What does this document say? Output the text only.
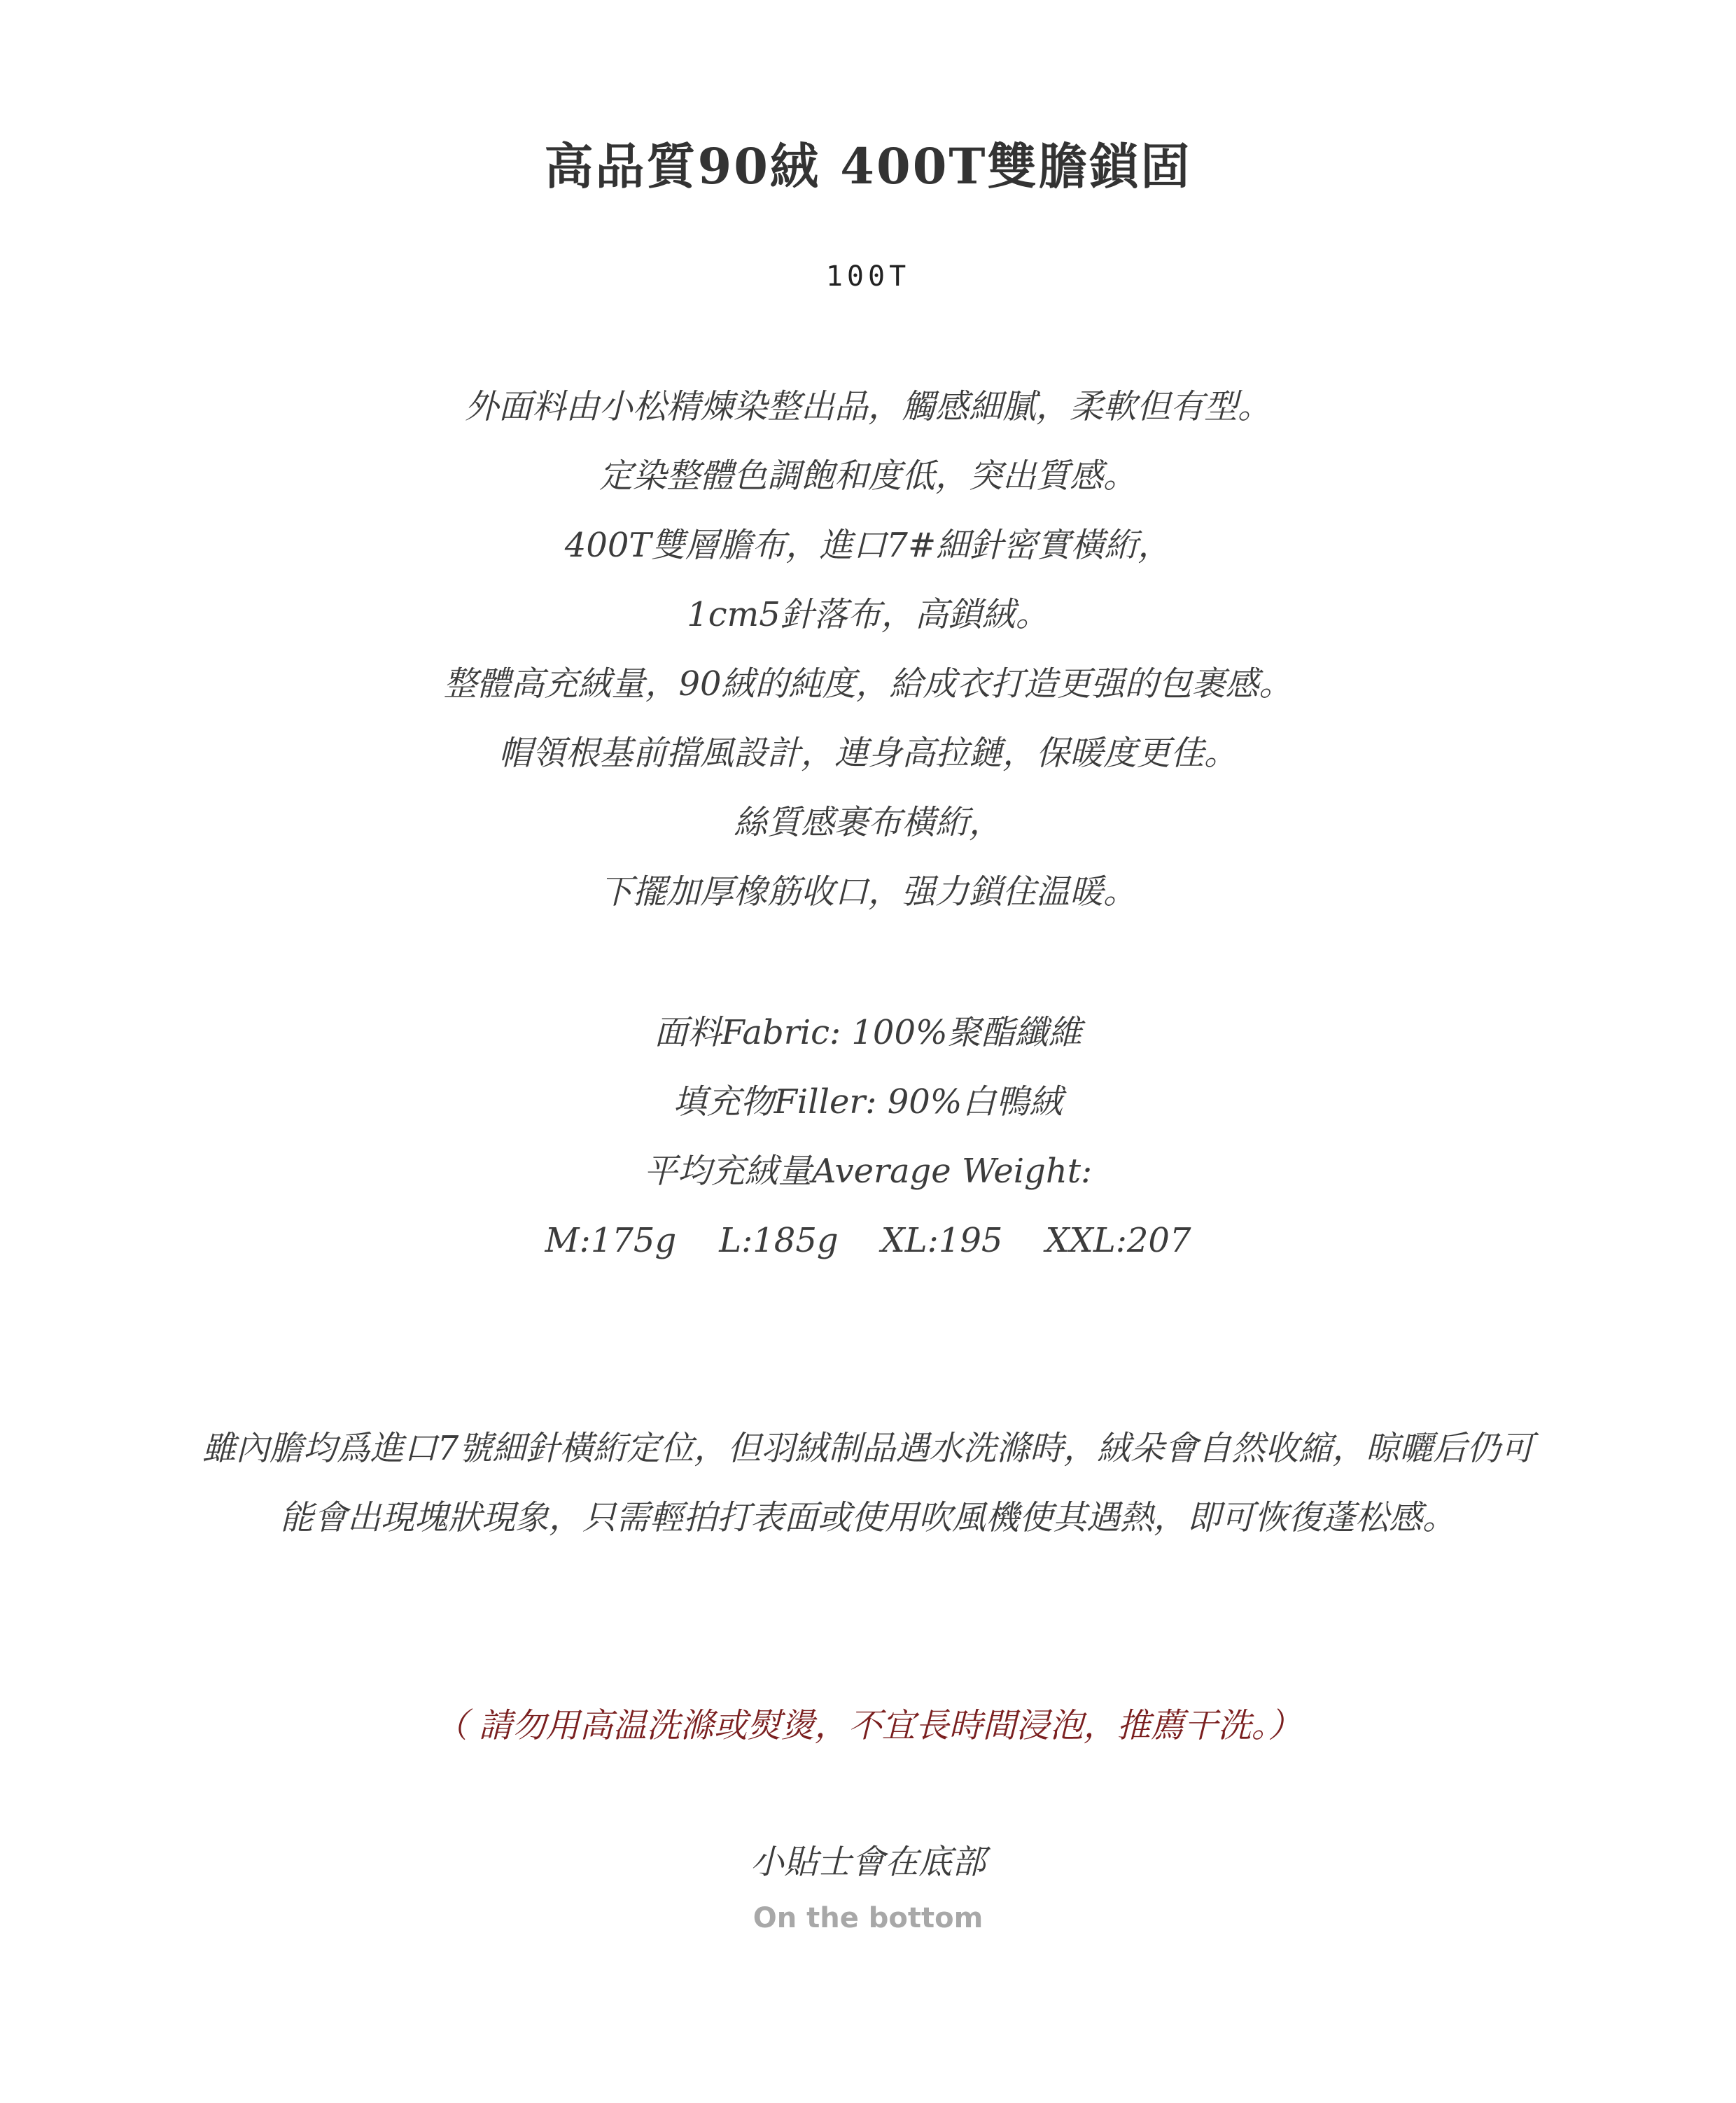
高品質90絨 400T雙膽鎖固
100T
外面料由小松精煉染整出品，觸感細膩，柔軟但有型。
定染整體色調飽和度低，突出質感。
400T雙層膽布，進口7#細針密實橫絎，
1cm5針落布，高鎖絨。
整體高充絨量，90絨的純度，給成衣打造更强的包裹感。
帽領根基前擋風設計，連身高拉鏈，保暖度更佳。
絲質感裹布橫絎，
下擺加厚橡筋收口，强力鎖住温暖。
面料Fabric: 100%聚酯纖維
填充物Filler: 90%白鴨絨
平均充絨量Average Weight:
M:175g    L:185g    XL:195    XXL:207
雖內膽均爲進口7號細針橫絎定位，但羽絨制品遇水洗滌時，絨朵會自然收縮，晾曬后仍可
能會出現塊狀現象，只需輕拍打表面或使用吹風機使其遇熱，即可恢復蓬松感。
（ 請勿用高温洗滌或熨燙，不宜長時間浸泡，推薦干洗。）
小貼士會在底部
On the bottom
